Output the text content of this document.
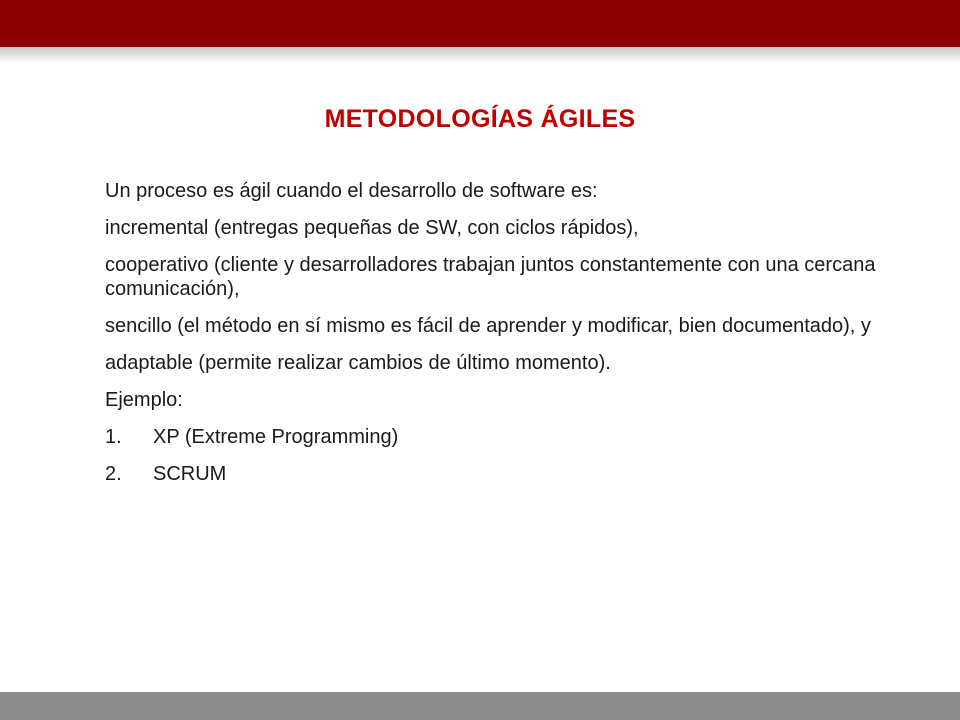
METODOLOGÍAS ÁGILES

Un proceso es ágil cuando el desarrollo de software es:

incremental (entregas pequeñas de SW, con ciclos rápidos),

cooperativo (cliente y desarrolladores trabajan juntos constantemente con una cercana comunicación),

sencillo (el método en sí mismo es fácil de aprender y modificar, bien documentado), y

adaptable (permite realizar cambios de último momento).

Ejemplo:

1.	XP (Extreme Programming)
2.	SCRUM
